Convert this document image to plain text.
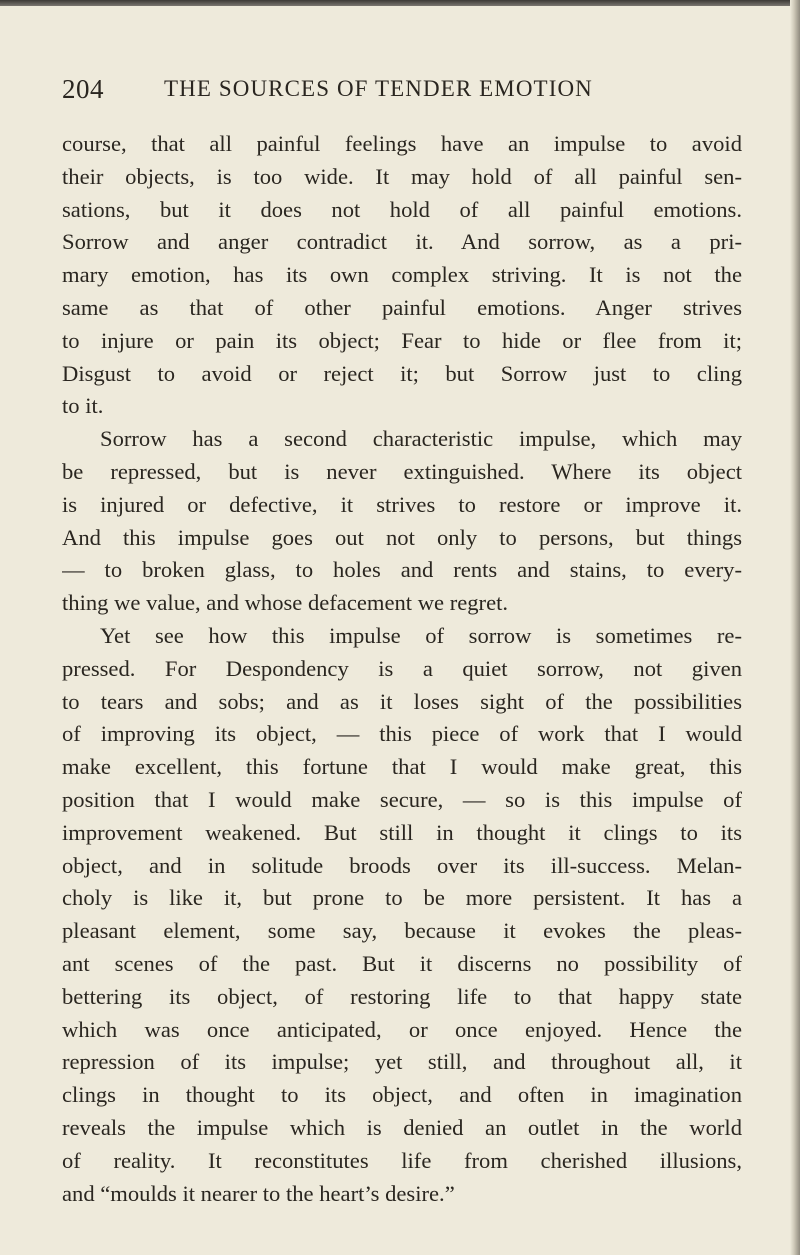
204	THE SOURCES OF TENDER EMOTION
course, that all painful feelings have an impulse to avoid
their objects, is too wide. It may hold of all painful sen-
sations, but it does not hold of all painful emotions.
Sorrow and anger contradict it. And sorrow, as a pri-
mary emotion, has its own complex striving. It is not the
same as that of other painful emotions. Anger strives
to injure or pain its object; Fear to hide or flee from it;
Disgust to avoid or reject it; but Sorrow just to cling
to it.
Sorrow has a second characteristic impulse, which may
be repressed, but is never extinguished. Where its object
is injured or defective, it strives to restore or improve it.
And this impulse goes out not only to persons, but things
— to broken glass, to holes and rents and stains, to every-
thing we value, and whose defacement we regret.
Yet see how this impulse of sorrow is sometimes re-
pressed. For Despondency is a quiet sorrow, not given
to tears and sobs; and as it loses sight of the possibilities
of improving its object, — this piece of work that I would
make excellent, this fortune that I would make great, this
position that I would make secure, — so is this impulse of
improvement weakened. But still in thought it clings to its
object, and in solitude broods over its ill-success. Melan-
choly is like it, but prone to be more persistent. It has a
pleasant element, some say, because it evokes the pleas-
ant scenes of the past. But it discerns no possibility of
bettering its object, of restoring life to that happy state
which was once anticipated, or once enjoyed. Hence the
repression of its impulse; yet still, and throughout all, it
clings in thought to its object, and often in imagination
reveals the impulse which is denied an outlet in the world
of reality. It reconstitutes life from cherished illusions,
and “moulds it nearer to the heart’s desire.”
